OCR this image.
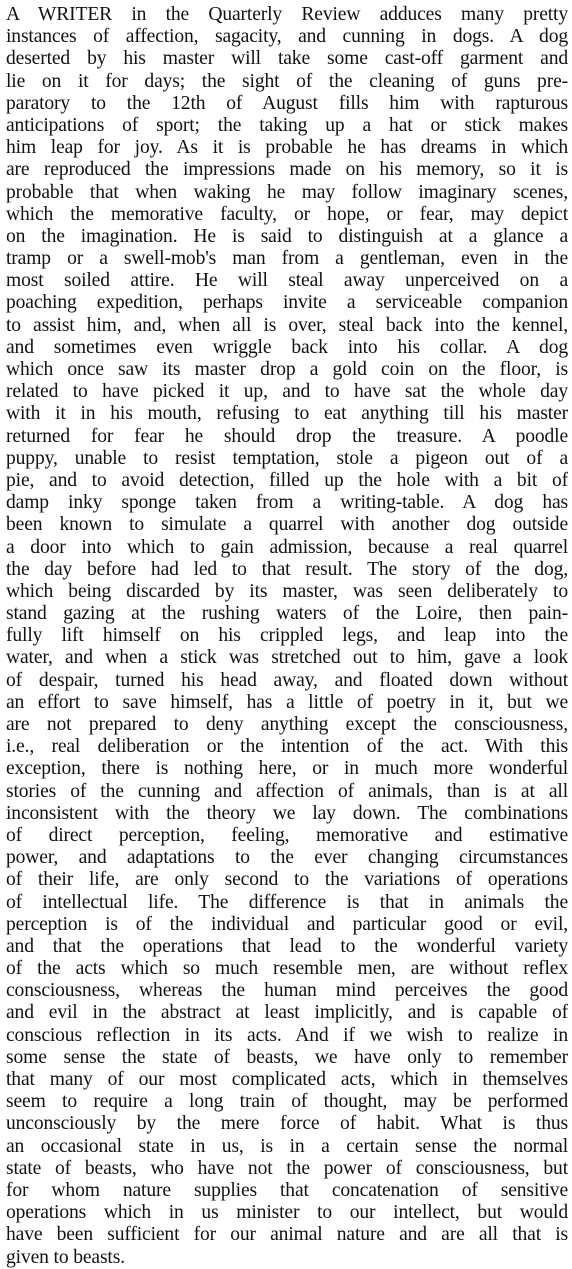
A WRITER in the Quarterly Review adduces many pretty
instances of affection, sagacity, and cunning in dogs. A dog
deserted by his master will take some cast-off garment and
lie on it for days; the sight of the cleaning of guns pre-
paratory to the 12th of August fills him with rapturous
anticipations of sport; the taking up a hat or stick makes
him leap for joy. As it is probable he has dreams in which
are reproduced the impressions made on his memory, so it is
probable that when waking he may follow imaginary scenes,
which the memorative faculty, or hope, or fear, may depict
on the imagination. He is said to distinguish at a glance a
tramp or a swell-mob's man from a gentleman, even in the
most soiled attire. He will steal away unperceived on a
poaching expedition, perhaps invite a serviceable companion
to assist him, and, when all is over, steal back into the kennel,
and sometimes even wriggle back into his collar. A dog
which once saw its master drop a gold coin on the floor, is
related to have picked it up, and to have sat the whole day
with it in his mouth, refusing to eat anything till his master
returned for fear he should drop the treasure. A poodle
puppy, unable to resist temptation, stole a pigeon out of a
pie, and to avoid detection, filled up the hole with a bit of
damp inky sponge taken from a writing-table. A dog has
been known to simulate a quarrel with another dog outside
a door into which to gain admission, because a real quarrel
the day before had led to that result. The story of the dog,
which being discarded by its master, was seen deliberately to
stand gazing at the rushing waters of the Loire, then pain-
fully lift himself on his crippled legs, and leap into the
water, and when a stick was stretched out to him, gave a look
of despair, turned his head away, and floated down without
an effort to save himself, has a little of poetry in it, but we
are not prepared to deny anything except the consciousness,
i.e., real deliberation or the intention of the act. With this
exception, there is nothing here, or in much more wonderful
stories of the cunning and affection of animals, than is at all
inconsistent with the theory we lay down. The combinations
of direct perception, feeling, memorative and estimative
power, and adaptations to the ever changing circumstances
of their life, are only second to the variations of operations
of intellectual life. The difference is that in animals the
perception is of the individual and particular good or evil,
and that the operations that lead to the wonderful variety
of the acts which so much resemble men, are without reflex
consciousness, whereas the human mind perceives the good
and evil in the abstract at least implicitly, and is capable of
conscious reflection in its acts. And if we wish to realize in
some sense the state of beasts, we have only to remember
that many of our most complicated acts, which in themselves
seem to require a long train of thought, may be performed
unconsciously by the mere force of habit. What is thus
an occasional state in us, is in a certain sense the normal
state of beasts, who have not the power of consciousness, but
for whom nature supplies that concatenation of sensitive
operations which in us minister to our intellect, but would
have been sufficient for our animal nature and are all that is
given to beasts.
